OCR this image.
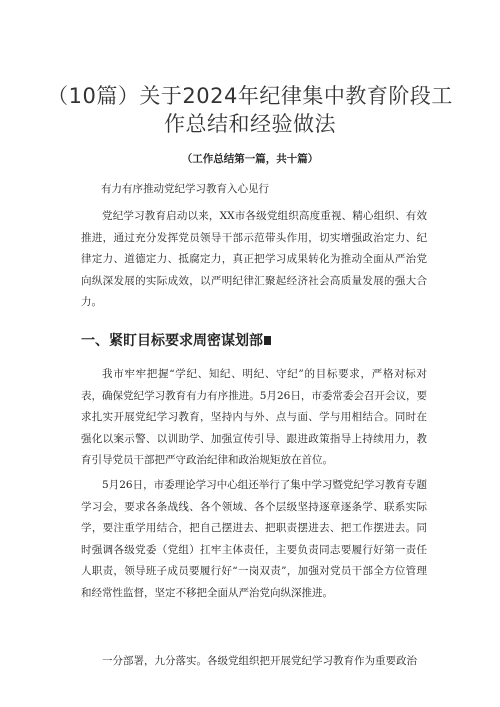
（10篇）关于2024年纪律集中教育阶段工作总结和经验做法
（工作总结第一篇，共十篇）
有力有序推动党纪学习教育入心见行
党纪学习教育启动以来，XX市各级党组织高度重视、精心组织、有效推进，通过充分发挥党员领导干部示范带头作用，切实增强政治定力、纪律定力、道德定力、抵腐定力，真正把学习成果转化为推动全面从严治党向纵深发展的实际成效，以严明纪律汇聚起经济社会高质量发展的强大合力。
一、紧盯目标要求周密谋划部
我市牢牢把握“学纪、知纪、明纪、守纪”的目标要求，严格对标对表，确保党纪学习教育有力有序推进。5月26日，市委常委会召开会议，要求扎实开展党纪学习教育，坚持内与外、点与面、学与用相结合。同时在强化以案示警、以训助学、加强宣传引导、跟进政策指导上持续用力，教育引导党员干部把严守政治纪律和政治规矩放在首位。
5月26日，市委理论学习中心组还举行了集中学习暨党纪学习教育专题学习会，要求各条战线、各个领域、各个层级坚持逐章逐条学、联系实际学，要注重学用结合，把自己摆进去、把职责摆进去、把工作摆进去。同时强调各级党委（党组）扛牢主体责任，主要负责同志要履行好第一责任人职责，领导班子成员要履行好“一岗双责”，加强对党员干部全方位管理和经常性监督，坚定不移把全面从严治党向纵深推进。
一分部署，九分落实。各级党组织把开展党纪学习教育作为重要政治
